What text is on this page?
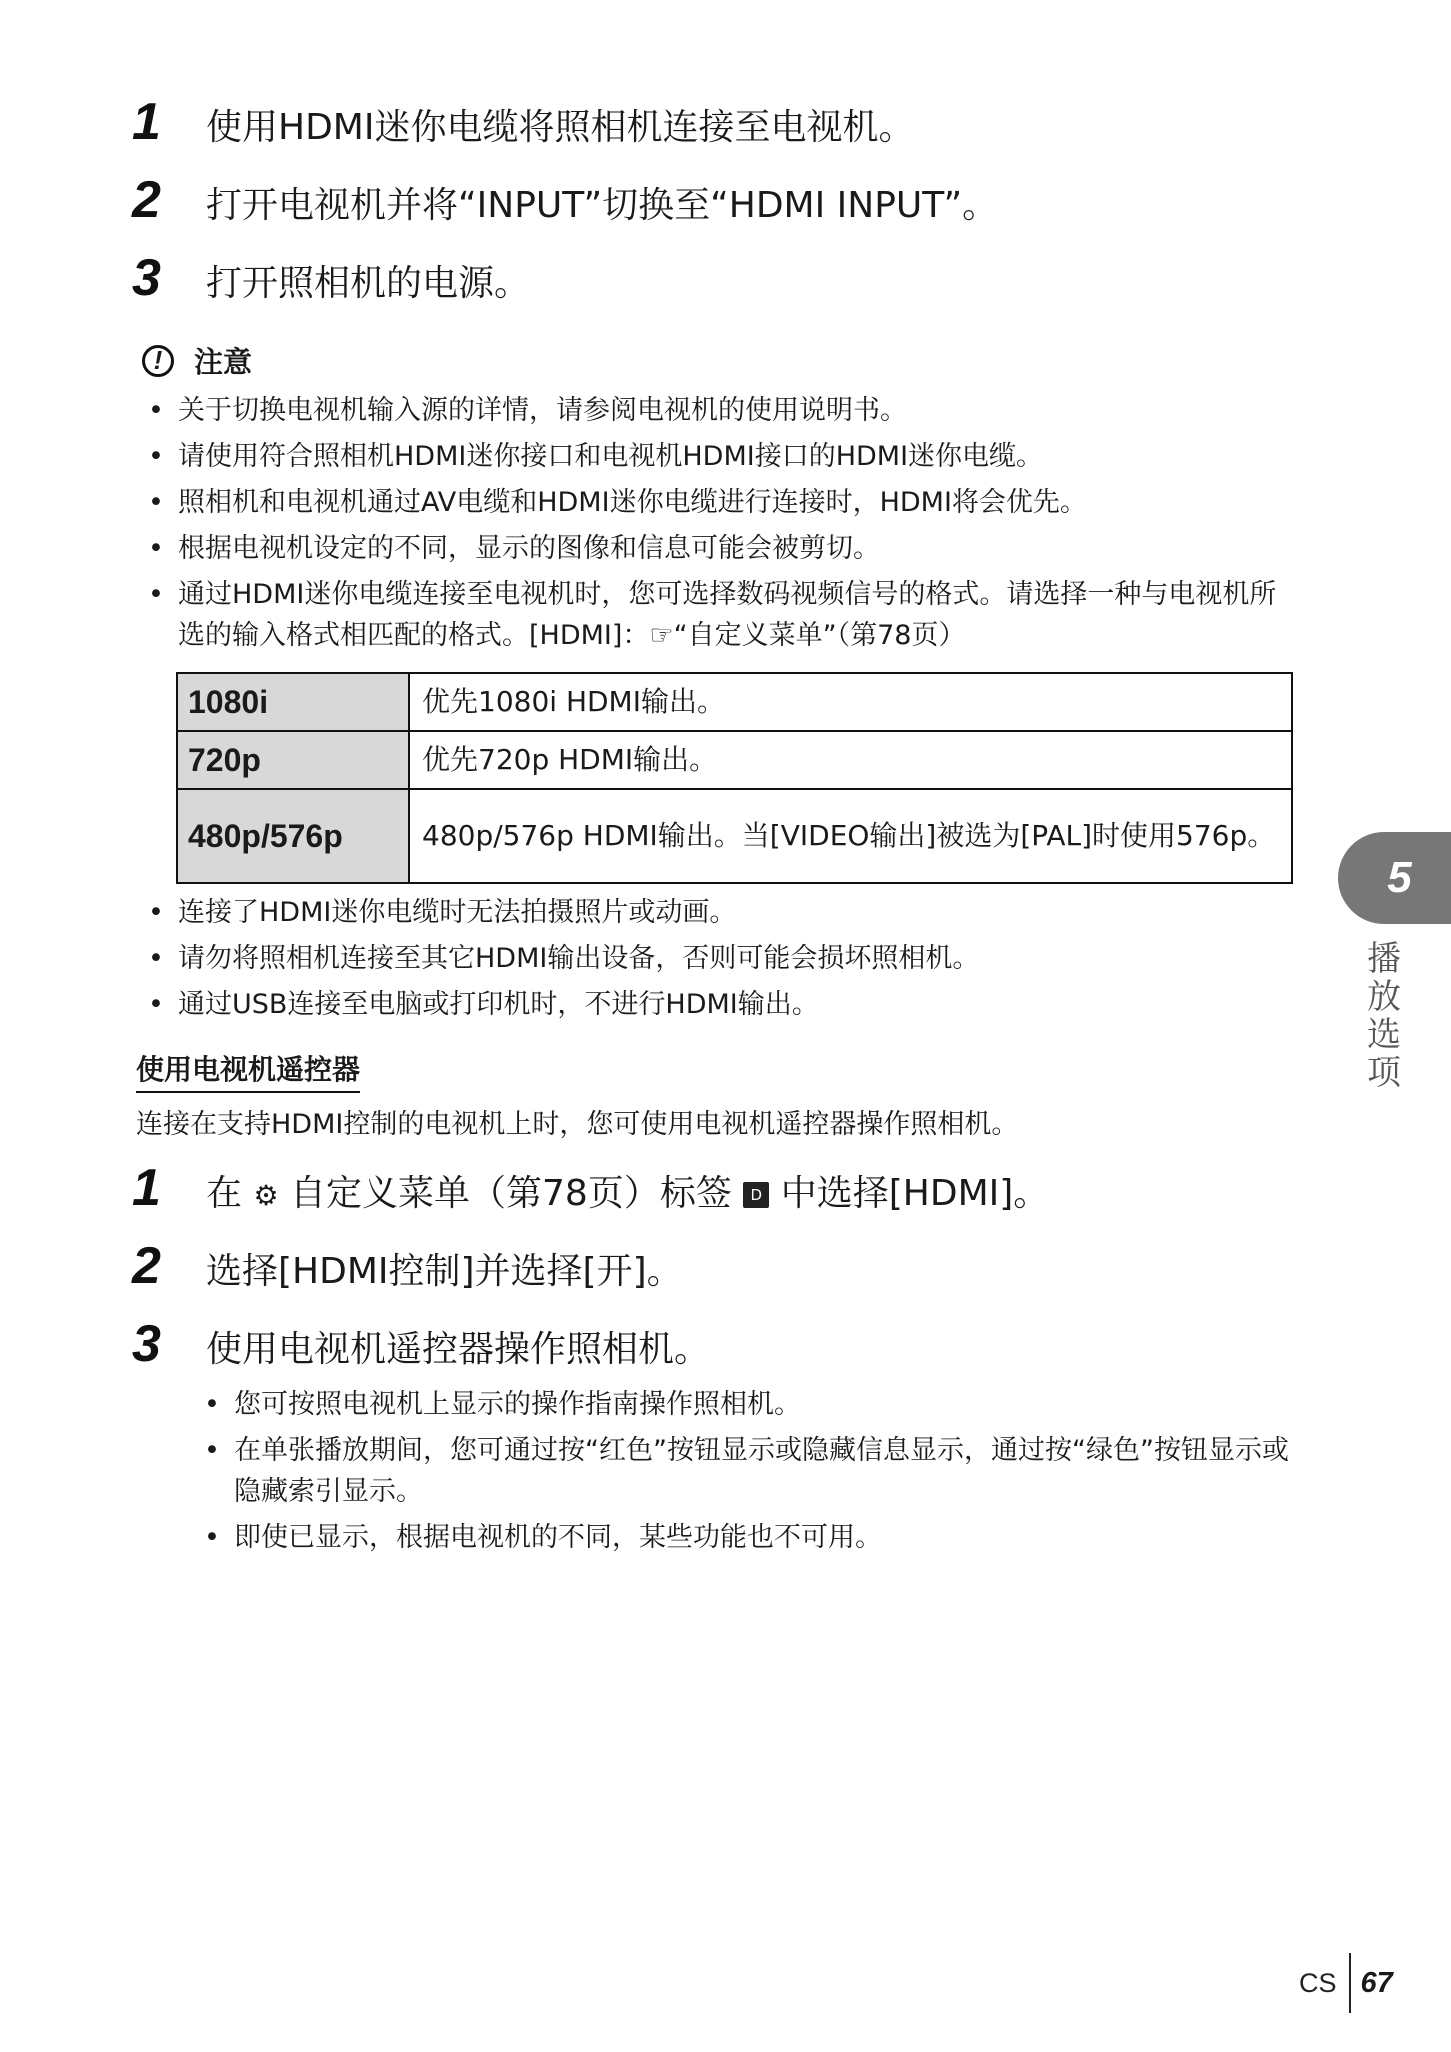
1	使用HDMI迷你电缆将照相机连接至电视机。
2	打开电视机并将“INPUT”切换至“HDMI INPUT”。
3	打开照相机的电源。
!	注意
• 关于切换电视机输入源的详情，请参阅电视机的使用说明书。
• 请使用符合照相机HDMI迷你接口和电视机HDMI接口的HDMI迷你电缆。
• 照相机和电视机通过AV电缆和HDMI迷你电缆进行连接时，HDMI将会优先。
• 根据电视机设定的不同，显示的图像和信息可能会被剪切。
• 通过HDMI迷你电缆连接至电视机时，您可选择数码视频信号的格式。请选择一种与电视机所选的输入格式相匹配的格式。[HDMI]：☞“自定义菜单”（第78页）
1080i	优先1080i HDMI输出。
720p	优先720p HDMI输出。
480p/576p	480p/576p HDMI输出。当[VIDEO输出]被选为[PAL]时使用576p。
• 连接了HDMI迷你电缆时无法拍摄照片或动画。
• 请勿将照相机连接至其它HDMI输出设备，否则可能会损坏照相机。
• 通过USB连接至电脑或打印机时，不进行HDMI输出。
使用电视机遥控器
连接在支持HDMI控制的电视机上时，您可使用电视机遥控器操作照相机。
1	在 ⚙ 自定义菜单（第78页）标签 D 中选择[HDMI]。
2	选择[HDMI控制]并选择[开]。
3	使用电视机遥控器操作照相机。
• 您可按照电视机上显示的操作指南操作照相机。
• 在单张播放期间，您可通过按“红色”按钮显示或隐藏信息显示，通过按“绿色”按钮显示或隐藏索引显示。
• 即使已显示，根据电视机的不同，某些功能也不可用。
5
播放选项
CS 67
